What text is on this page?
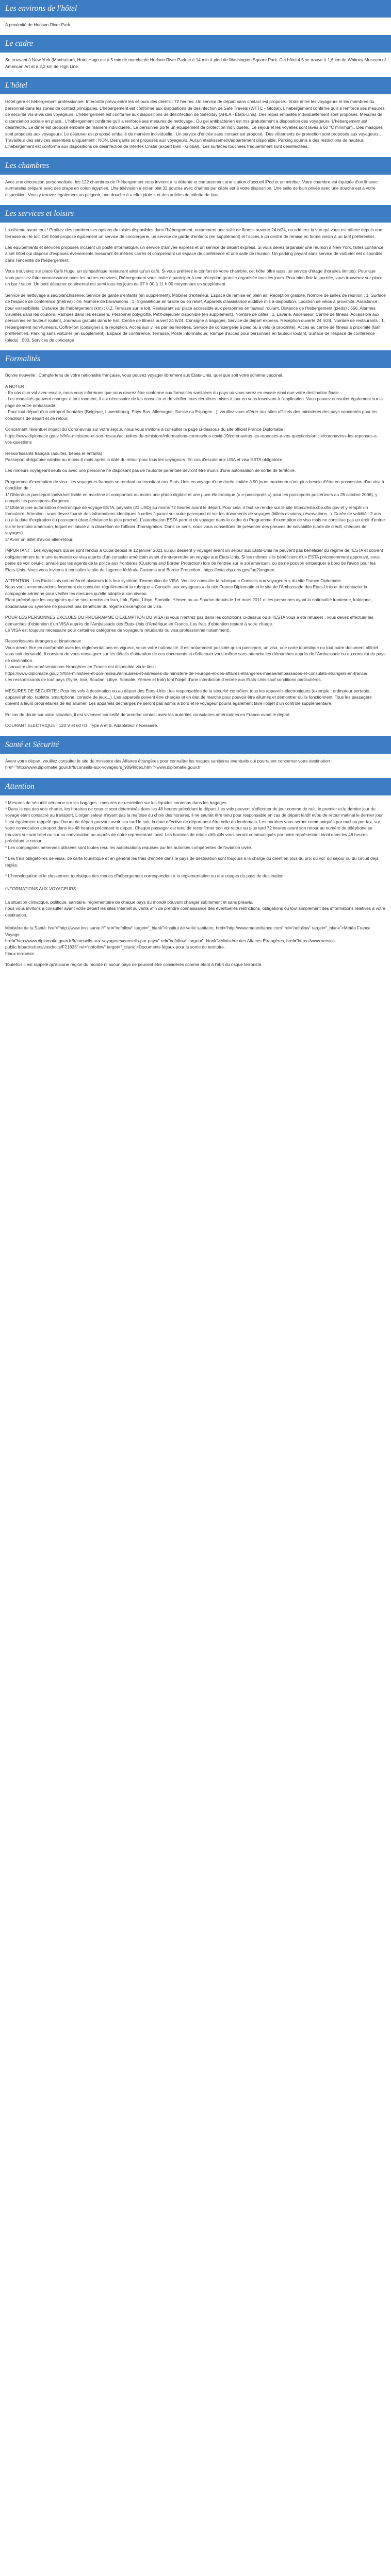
Les environs de l'hôtel

A proximité de Hudson River Park

Le cadre

Se trouvant à New York (Manhattan), Hotel Hugo est à 5 min de marche de Hudson River Park et à 14 min à pied de Washington Square Park. Cet hôtel 4.5 se trouve à 1,6 km de Whitney Museum of American Art et à 2,2 km de High Line.

L'hôtel

Hôtel géré et hébergement professionnel. Internotte prévu entre les séjours des clients : 72 heures. Un service de départ sans contact est proposé.. Votre entre les voyageurs et les membres du personnel dans les zones de contact principales. L'hébergement est conforme aux dispositions de désinfection de Safe Travels (WTTC - Global), L'hébergement confirme qu'il a renforcé ses mesures de sécurité Vis-à-vis des voyageurs, L'hébergement est conforme aux dispositions de désinfection de SafeStay (AHLA - États-Unis). Des repas emballés individuellement sont proposés. Mesures de distanciation sociale en place.. L'hébergement confirme qu'il a renforcé ses mesures de nettoyage.. Du gel antibactérien est mis gratuitement à disposition des voyageurs. L'hébergement est désinfecté.. Le dîner est proposé emballé de manière individuelle.. Le personnel porte un équipement de protection individuelle.. Le séjour et les voyelles sont lavés à 60 °C minimum.. Des masques sont proposés aux voyageurs. Le déjeuner est proposé emballé de manière individuelle.. Un service d'entrée sans contact est proposé.. Des vêtements de protection sont proposés aux voyageurs.. Travailleur des services essentiels uniquement : NON. Des gants sont proposés aux voyageurs. Aucun établissement/appartement disponible. Parking soumis à des restrictions de hauteur. L'hébergement est conforme aux dispositions de désinfection de Intertek Cristal (expert bien - Global)., Les surfaces touchées fréquemment sont désinfectées.

Les chambres

Avec une décoration personnalisée, les 122 chambres de l'hébergement vous invitent à la détente et comprennent une station d'accueil iPod et un minibar. Votre chambre est équipée d'un lit avec surmatelas préparé avec des draps en coton égyptien. Une télévision à écran plat 32 pouces avec chaînes par câble est à votre disposition. Une salle de bain privée avec une douche est à votre disposition. Vous y trouvez également un peignoir, une douche à « effet pluie » et des articles de toilette de luxe.

Les services et loisirs

La détente avant tout ! Profitez des nombreuses options de loisirs disponibles dans l'hébergement, notamment une salle de fitness ouverte 24 h/24, ou admirez la vue qui vous est offerte depuis une terrasse sur le toit. Cet hôtel propose également un service de conciergerie, un service de garde d'enfants (en supplément) et l'accès à un centre de remise en forme voisin à un tarif préférentiel.

Les équipements et services proposés incluent un poste informatique, un service d'arrivée express et un service de départ express. Si vous devez organiser une réunion à New York, faites confiance à cet hôtel qui dispose d'espaces événements mesurant 46 mètres carrés et comprenant un espace de conférence et une salle de réunion. Un parking payant sans service de voiturier est disponible dans l'enceinte de l'hébergement.

Vous trouverez sur place Café Hugo, un sympathique restaurant ainsi qu'un café. Si vous préférez le confort de votre chambre, cet hôtel offre aussi un service d'étage (horaires limités). Pour que vous puissiez faire connaissance avec les autres convives, l'hébergement vous invite à participer à une réception gratuite organisée tous les jours. Pour bien finir la journée, vous trouverez sur place un bar / salon. Un petit déjeuner continental est servi tous les jours de 07 h 00 à 11 h 00 moyennant un supplément.

Service de nettoyage à sec/blanchisserie, Service de garde d'enfants (en supplément), Mobilier d'extérieur, Espace de remise en plein air, Réception gratuite, Nombre de salles de réunion : 1, Surface de l'espace de conférence (mètres) : 46, Nombre de bars/salons : 1, Signalétique en braille ou en relief, Appareils d'assistance auditive mis à disposition, Location de vélos à proximité, Assistance pour visites/billets, Distance de l'hébergement (km) : 0,2, Terrasse sur le toit, Restaurant sur place accessible aux personnes en fauteuil roulant, Distance de l'hébergement (pieds) : 656, Alarmes visuelles dans les couloirs, Rampes dans les escaliers, Personnel polyglotte, Petit-déjeuner disponible (en supplément), Nombre de cafés : 1, Lavarie, Ascenseur, Centre de fitness, Accessible aux personnes en fauteuil roulant, Journaux gratuits dans le hall, Centre de fitness ouvert 24 h/24, Consigne à bagages, Service de départ express, Réception ouverte 24 h/24, Nombre de restaurants : 1, Hébergement non-fumeurs, Coffre-fort (consigne) à la réception, Accès aux villes par les fenêtres, Service de conciergerie à pied ou à vélo (à proximité), Accès au centre de fitness à proximité (tarif préférentiel), Parking sans voiturier (en supplément), Espace de conférence, Terrasse, Poste informatique, Rampe d'accès pour personnes en fauteuil roulant, Surface de l'espace de conférence (pieds) : 500, Services de concierge

Formalités

Bonne nouvelle : Compte tenu de votre nationalité française, vous pouvez voyager librement aux Etats-Unis, quel que soit votre schéma vaccinal.

A NOTER :
- En cas d'un vol avec escale, nous vous informons que vous devrez être conforme aux formalités sanitaires du pays où vous serez en escale ainsi que votre destination finale.
- Les modalités peuvent changer à tout moment, il est nécessaire de les consulter et de vérifier leurs dernières mises à jour en vous inscrivant à l'application. Vous pouvez consulter également sur la page de votre ambassade.
- Pour tout départ d'un aéroport frontalier (Belgique, Luxembourg, Pays-Bas, Allemagne, Suisse ou Espagne...), veuillez vous référer aux sites officiels des ministères des pays concernés pour les conditions de départ et de retour.

Concernant l'éventuel impact du Coronavirus sur votre séjour, nous vous invitons à consulter la page ci-dessous du site officiel France Diplomatie :
https://www.diplomatie.gouv.fr/fr/le-ministere-et-son-reseau/actualites-du-ministere/informations-coronavirus-covid-19/coronavirus-les-reponses-a-vos-questions/article/coronavirus-les-reponses-a-vos-questions

Ressortissants français (adultes, bébés et enfants) :
Passeport obligatoire valable au moins 6 mois après la date du retour pour tous les voyageurs. En cas d'escale aux USA et visa ESTA obligatoire.

Les mineurs voyageant seuls ou avec une personne ne disposant pas de l'autorité parentale devront être munis d'une autorisation de sortie de territoire.

Programme d'exemption de visa : les voyageurs français se rendant ou transitant aux Etats-Unis en voyage d'une durée limitée à 90 jours maximum n'ont plus besoin d'être en possession d'un visa à condition de :
1/ Obtenir un passeport individuel lisible en machine et comportant au moins une photo digitale et une puce électronique (« e-passeports ») pour les passeports postérieurs au 26 octobre 2006), y compris les passeports d'urgence.
2/ Obtenir une autorisation électronique de voyage ESTA, payante (21 USD) au moins 72 heures avant le départ. Pour cela, il faut se rendre sur le site https://esta.cbp.dhs.gov et y remplir un formulaire. Attention : vous devez fournir des informations identiques à celles figurant sur votre passeport et sur les documents de voyages (billets d'avions, réservations...). Durée de validité : 2 ans ou à la date d'expiration du passeport (date échéance la plus proche). L'autorisation ESTA permet de voyager dans le cadre du Programme d'exemption de visa mais ne constitue pas un droit d'entrer sur le territoire américain, lequel est laissé à la discrétion de l'officier d'immigration. Dans ce sens, nous vous conseillons de présenter des preuves de solvabilité (carte de crédit, chèques de voyages).
3/ Avoir un billet d'avion aller-retour.

IMPORTANT : Les voyageurs qui se sont rendus à Cuba depuis le 12 janvier 2021 ou qui désirent y voyager avant un séjour aux Etats-Unis ne peuvent pas bénéficier du régime de l'ESTA et doivent obligatoirement faire une demande de visa auprès d'un consulat américain avant d'entreprendre un voyage aux Etats-Unis. Si les mêmes s'ils bénéficient d'un ESTA précédemment approuvé, sous peine de voir celui-ci annulé par les agents de la police aux frontières (Customs and Border Protection) lors de l'entrée sur le sol américain, ou de ne pouvoir embarquer à bord de l'avion pour les Etats-Unis. Nous vous invitons à consulter le site de l'agence fédérale Customs and Border Protection : https://esta.cbp.dhs.gov/faq?lang=en.

ATTENTION : Les Etats-Unis ont renforcé plusieurs fois leur système d'exemption de VISA. Veuillez consulter la rubrique « Conseils aux voyageurs » du site France Diplomatie.
Nous vous recommandons fortement de consulter régulièrement la rubrique « Conseils aux voyageurs » du site France Diplomatie et le site de l'Ambassade des Etats-Unis et de contacter la compagnie aérienne pour vérifier les mesures qu'elle adopte à son niveau.
Etant précisé que les voyageurs qui se sont rendus en Iran, Irak, Syrie, Libye, Somalie, Yémen ou au Soudan depuis le 1er mars 2011 et les personnes ayant la nationalité iranienne, irakienne, soudanaise ou syrienne ne peuvent pas bénéficier du régime d'exemption de visa.

POUR LES PERSONNES EXCLUES DU PROGRAMME D'EXEMPTION DU VISA (si vous n'entrez pas dans les conditions ci-dessus ou si l'ESTA vous a été refusée) : vous devez effectuer les démarches d'obtention d'un VISA auprès de l'Ambassade des Etats-Unis d'Amérique en France. Les frais d'obtention restent à votre charge.
Le VISA est toujours nécessaire pour certaines catégories de voyageurs (étudiants ou visa professionnel notamment).

Ressortissants étrangers et binationaux :
Vous devez être en conformité avec les réglementations en vigueur, selon votre nationalité. Il est notamment possible qu'un passeport, un visa, une carte touristique ou tout autre document officiel vous soit demandé. Il convient de vous renseigner sur les détails d'obtention de ces documents et d'effectuer vous-même sans attendre les démarches auprès de l'Ambassade ou du consulat du pays de destination.
L'annuaire des représentations étrangères en France est disponible via le lien :
https://www.diplomatie.gouv.fr/fr/le-ministere-et-son-reseau/annuaires-et-adresses-du-ministere-de-l-europe-et-des-affaires-etrangeres-maeae/ambassades-et-consulats-etrangers-en-france/
Les ressortissants de tout pays (Syrie, Iran, Soudan, Libye, Somalie, Yémen et Irak) font l'objet d'une interdiction d'entrée aux Etats-Unis sauf conditions particulières.

MESURES DE SECURITE : Pour les vols à destination ou au départ des Etats-Unis : les responsables de la sécurité contrôlent tous les appareils électroniques (exemple : ordinateur portable, appareil photo, tablette, smartphone, console de jeux...). Les appareils doivent être chargés et en état de marche pour pouvoir être allumés et démontrer qu'ils fonctionnent. Tous les passagers doivent à leurs propriétaires de les allumer. Les appareils déchargés ne seront pas admis à bord et le voyageur pourra également faire l'objet d'un contrôle supplémentaire.

En cas de doute sur votre situation, il est vivement conseillé de prendre contact avec les autorités consulaires américaines en France avant le départ.

COURANT ELECTRIQUE : 120 V et 60 Hz. Type A et B. Adaptateur nécessaire.

Santé et Sécurité

Avant votre départ, veuillez consulter le site du ministère des Affaires étrangères pour connaître les risques sanitaires éventuels qui pourraient concerner votre destination : href="http://www.diplomatie.gouv.fr/fr/conseils-aux-voyageurs_909/index.html">www.diplomatie.gouv.fr

Attention

* Mesures de sécurité aérienne sur les bagages : mesures de restriction sur les liquides contenus dans les bagages
* Dans le cas des vols charter, les horaires de ceux-ci sont déterminés dans les 48 heures précédant le départ. Les vols peuvent s'effectuer de jour comme de nuit, le premier et le dernier jour du voyage étant consacré au transport. L'organisateur n'ayant pas la maîtrise du choix des horaires, il ne saurait être tenu pour responsable en cas de départ tardif et/ou de retour matinal le dernier jour. Il est également rappelé que l'heure de départ pouvant avoir lieu tard le soir, la date effective de départ peut être celle du lendemain. Les horaires vous seront communiqués par mail ou par fax, sur votre convocation aéroport dans les 48 heures précédant le départ. Chaque passager est tenu de reconfirmer son vol retour au plus tard 72 heures avant son retour au numéro de téléphone se trouvant sur son billet ou sur sa convocation ou auprès de notre représentant local. Les horaires de retour définitifs vous seront communiqués par notre représentant local dans les 48 heures précédant le retour.
* Les compagnies aériennes utilisées sont toutes reçu les autorisations requises par les autorités compétentes de l'aviation civile.

* Les frais obligatoires de visas, de carte touristique et en général les frais d'entrée dans le pays de destination sont toujours à la charge du client en plus du prix du vol, du séjour ou du circuit déjà réglés.

* L'homologation et le classement touristique des modes d'hébergement correspondent à la réglementation ou aux usages du pays de destination.

INFORMATIONS AUX VOYAGEURS :

La situation climatique, politique, sanitaire, réglementaire de chaque pays du monde pouvant changer subitement et sans préavis,
nous vous invitons à consulter avant votre départ les sites Internet suivants afin de prendre connaissance des éventuelles restrictions, obligations ou tout simplement des informations relatives à votre destination.

Ministère de la Santé: href="http://www.invs.sante.fr" rel="nofollow" target="_blank">Institut de veille sanitaire, href="http://www.meteofrance.com" rel="nofollow" target="_blank">Météo France Voyage
href="http://www.diplomatie.gouv.fr/fr/conseils-aux-voyageurs/conseils-par-pays/" rel="nofollow" target="_blank">Ministère des Affaires Étrangères, href="https://www.service-public.fr/particuliers/vosdroits/F21823" rel="nofollow" target="_blank">Documents légaux pour la sortie du territoire.
friaux terroriste.

Toutefois il est rappelé qu'aucune région du monde ni aucun pays ne peuvent être considérés comme étant à l'abri du risque terroriste.
